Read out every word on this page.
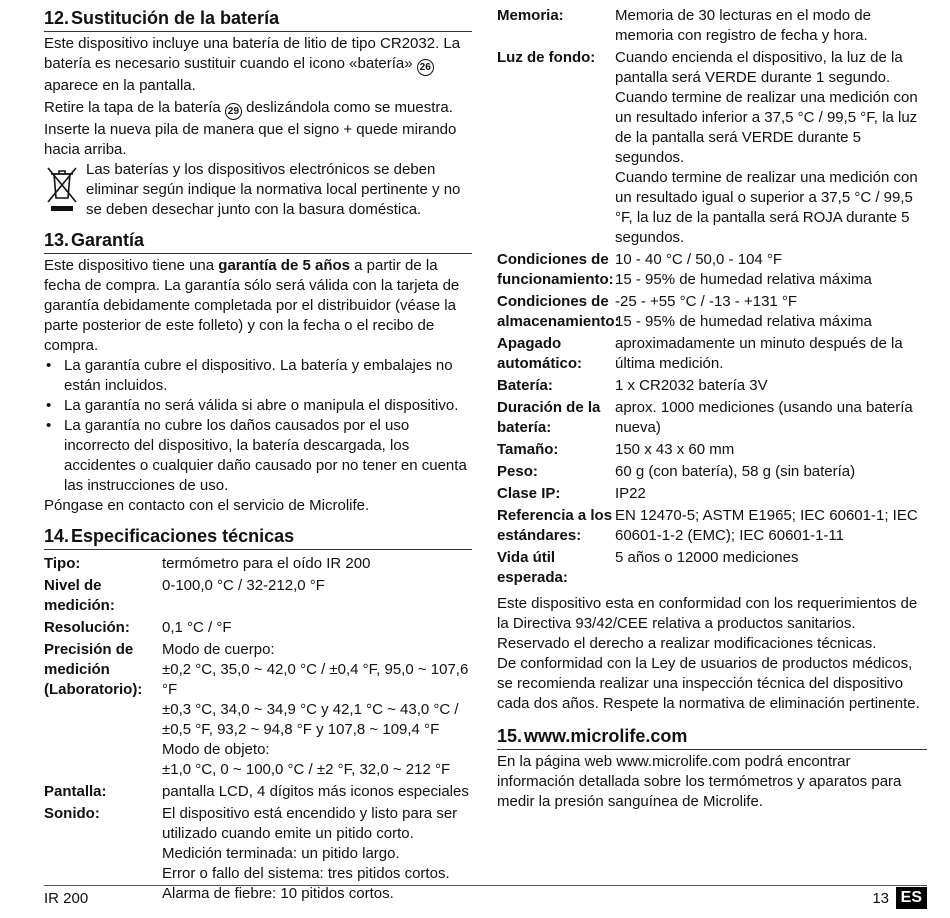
12. Sustitución de la batería

Este dispositivo incluye una batería de litio de tipo CR2032. La batería es necesario sustituir cuando el icono «batería» 26 aparece en la pantalla.

Retire la tapa de la batería 29 deslizándola como se muestra. Inserte la nueva pila de manera que el signo + quede mirando hacia arriba.

Las baterías y los dispositivos electrónicos se deben eliminar según indique la normativa local pertinente y no se deben desechar junto con la basura doméstica.
13. Garantía

Este dispositivo tiene una garantía de 5 años a partir de la fecha de compra. La garantía sólo será válida con la tarjeta de garantía debidamente completada por el distribuidor (véase la parte posterior de este folleto) y con la fecha o el recibo de compra.

• La garantía cubre el dispositivo. La batería y embalajes no están incluidos.
• La garantía no será válida si abre o manipula el dispositivo.
• La garantía no cubre los daños causados por el uso incorrecto del dispositivo, la batería descargada, los accidentes o cualquier daño causado por no tener en cuenta las instrucciones de uso.

Póngase en contacto con el servicio de Microlife.

14. Especificaciones técnicas
Tipo:	termómetro para el oído IR 200
Nivel de medición:
0-100,0 °C / 32-212,0 °F
Resolución:	0,1 °C / °F
Precisión de medición (Laboratorio):
Modo de cuerpo:
±0,2 °C, 35,0 ~ 42,0 °C / ±0,4 °F, 95,0 ~ 107,6 °F
±0,3 °C, 34,0 ~ 34,9 °C y 42,1 °C ~ 43,0 °C / ±0,5 °F, 93,2 ~ 94,8 °F y 107,8 ~ 109,4 °F
Modo de objeto:
±1,0 °C, 0 ~ 100,0 °C / ±2 °F, 32,0 ~ 212 °F
Pantalla:	pantalla LCD, 4 dígitos más iconos especiales
Sonido:	El dispositivo está encendido y listo para ser utilizado cuando emite un pitido corto.
Medición terminada: un pitido largo.
Error o fallo del sistema: tres pitidos cortos.
Alarma de fiebre: 10 pitidos cortos.
Memoria:	Memoria de 30 lecturas en el modo de memoria con registro de fecha y hora.
Luz de fondo:	Cuando encienda el dispositivo, la luz de la pantalla será VERDE durante 1 segundo.
Cuando termine de realizar una medición con un resultado inferior a 37,5 °C / 99,5 °F, la luz de la pantalla será VERDE durante 5 segundos.
Cuando termine de realizar una medición con un resultado igual o superior a 37,5 °C / 99,5 °F, la luz de la pantalla será ROJA durante 5 segundos.
Condiciones de funcionamiento:
10 - 40 °C / 50,0 - 104 °F
15 - 95% de humedad relativa máxima
Condiciones de almacenamiento:
-25 - +55 °C / -13 - +131 °F
15 - 95% de humedad relativa máxima
Apagado automático:
aproximadamente un minuto después de la última medición.
Batería:	1 x CR2032 batería 3V
Duración de la batería:
aprox. 1000 mediciones (usando una batería nueva)
Tamaño:	150 x 43 x 60 mm
Peso:	60 g (con batería), 58 g (sin batería)
Clase IP:	IP22
Referencia a los estándares:
EN 12470-5; ASTM E1965; IEC 60601-1; IEC 60601-1-2 (EMC); IEC 60601-1-11
Vida útil esperada:
5 años o 12000 mediciones

Este dispositivo esta en conformidad con los requerimientos de la Directiva 93/42/CEE relativa a productos sanitarios.
Reservado el derecho a realizar modificaciones técnicas.
De conformidad con la Ley de usuarios de productos médicos, se recomienda realizar una inspección técnica del dispositivo cada dos años. Respete la normativa de eliminación pertinente.

15. www.microlife.com

En la página web www.microlife.com podrá encontrar información detallada sobre los termómetros y aparatos para medir la presión sanguínea de Microlife.

IR 200	13 ES
